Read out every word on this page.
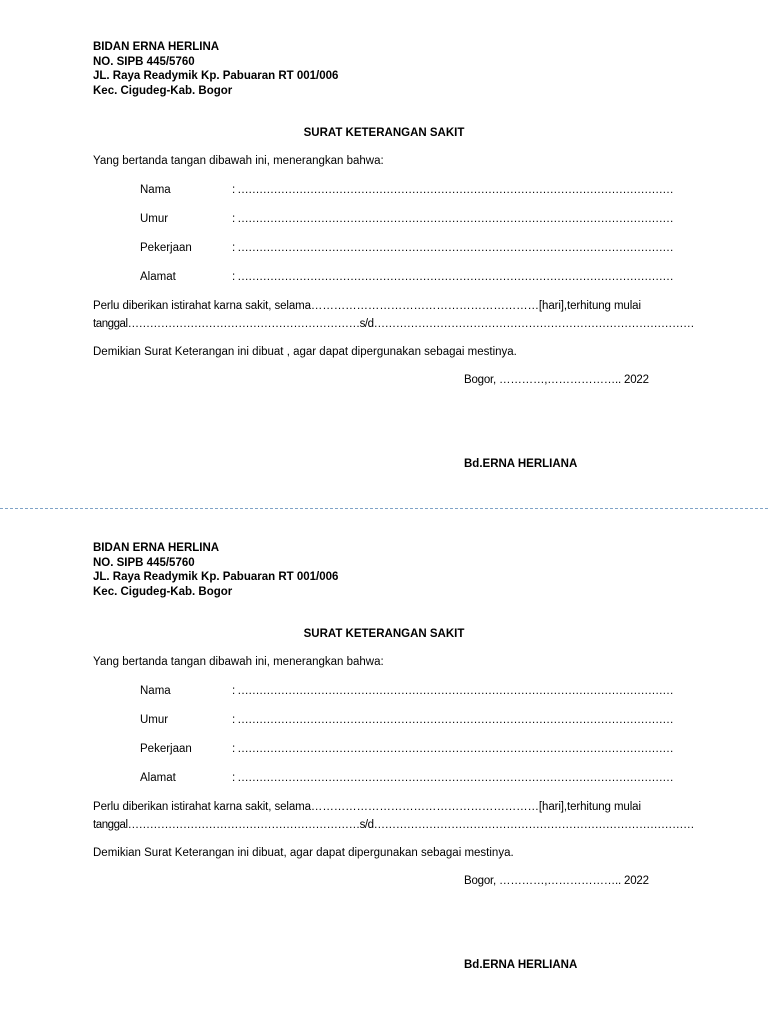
BIDAN ERNA HERLINA
NO. SIPB 445/5760
JL. Raya Readymik Kp. Pabuaran RT 001/006
Kec. Cigudeg-Kab. Bogor
SURAT KETERANGAN SAKIT
Yang bertanda tangan dibawah ini, menerangkan bahwa:
Nama	: …………………………………………………………………………………………………………
Umur	: …………………………………………………………………………………………………………
Pekerjaan	: …………………………………………………………………………………………………………
Alamat	: …………………………………………………………………………………………………………
Perlu diberikan istirahat karna sakit, selama……………………………………………………[hari],terhitung mulai
tanggal………………………………………………………s/d……………………………………………………………………………
Demikian Surat Keterangan ini dibuat , agar dapat dipergunakan sebagai mestinya.
Bogor, …………,……………….. 2022
Bd.ERNA HERLIANA
BIDAN ERNA HERLINA
NO. SIPB 445/5760
JL. Raya Readymik Kp. Pabuaran RT 001/006
Kec. Cigudeg-Kab. Bogor
SURAT KETERANGAN SAKIT
Yang bertanda tangan dibawah ini, menerangkan bahwa:
Nama	: …………………………………………………………………………………………………………
Umur	: …………………………………………………………………………………………………………
Pekerjaan	: …………………………………………………………………………………………………………
Alamat	: …………………………………………………………………………………………………………
Perlu diberikan istirahat karna sakit, selama……………………………………………………[hari],terhitung mulai
tanggal………………………………………………………s/d……………………………………………………………………………
Demikian Surat Keterangan ini dibuat, agar dapat dipergunakan sebagai mestinya.
Bogor, …………,……………….. 2022
Bd.ERNA HERLIANA
